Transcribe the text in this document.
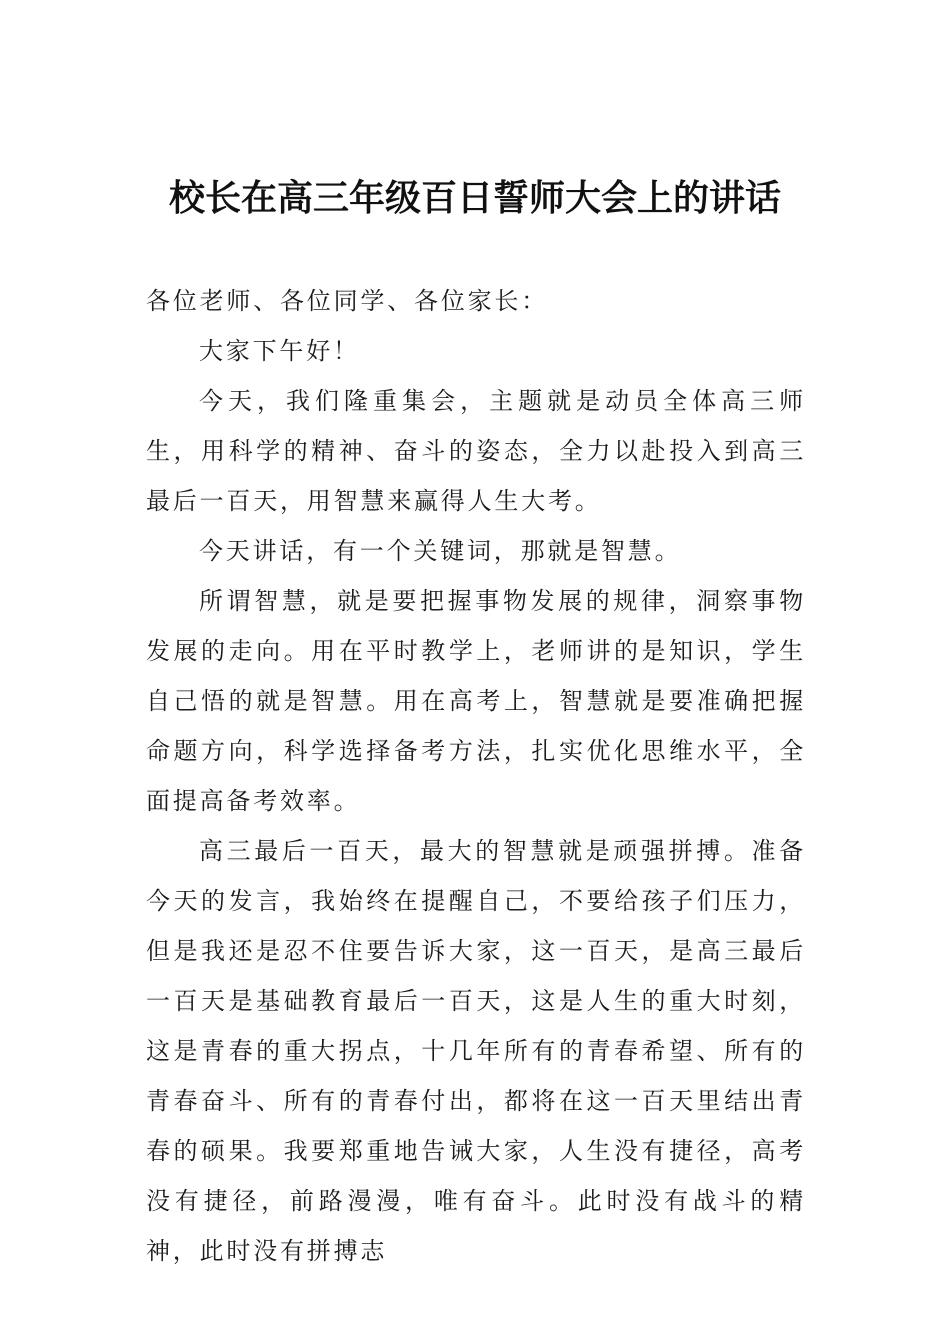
校长在高三年级百日誓师大会上的讲话

各位老师、各位同学、各位家长：

大家下午好！

今天，我们隆重集会，主题就是动员全体高三师生，用科学的精神、奋斗的姿态，全力以赴投入到高三最后一百天，用智慧来赢得人生大考。

今天讲话，有一个关键词，那就是智慧。

所谓智慧，就是要把握事物发展的规律，洞察事物发展的走向。用在平时教学上，老师讲的是知识，学生自己悟的就是智慧。用在高考上，智慧就是要准确把握命题方向，科学选择备考方法，扎实优化思维水平，全面提高备考效率。

高三最后一百天，最大的智慧就是顽强拼搏。准备今天的发言，我始终在提醒自己，不要给孩子们压力，但是我还是忍不住要告诉大家，这一百天，是高三最后一百天是基础教育最后一百天，这是人生的重大时刻，这是青春的重大拐点，十几年所有的青春希望、所有的青春奋斗、所有的青春付出，都将在这一百天里结出青春的硕果。我要郑重地告诫大家，人生没有捷径，高考没有捷径，前路漫漫，唯有奋斗。此时没有战斗的精神，此时没有拼搏志
